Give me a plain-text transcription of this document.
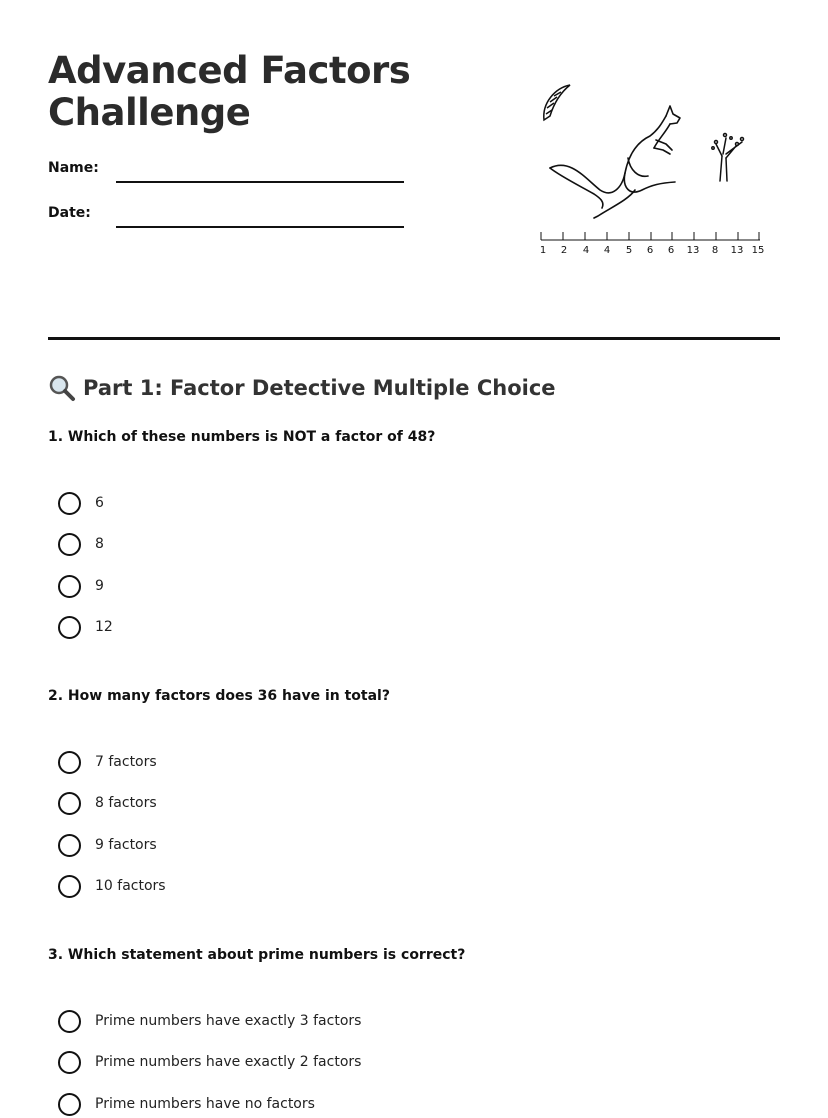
Advanced Factors
Challenge
Name:
Date:
1 2 4 4 5 6 6 13 8 13 15
Part 1: Factor Detective Multiple Choice

1. Which of these numbers is NOT a factor of 48?

6
8
9
12

2. How many factors does 36 have in total?

7 factors
8 factors
9 factors
10 factors

3. Which statement about prime numbers is correct?

Prime numbers have exactly 3 factors
Prime numbers have exactly 2 factors
Prime numbers have no factors
